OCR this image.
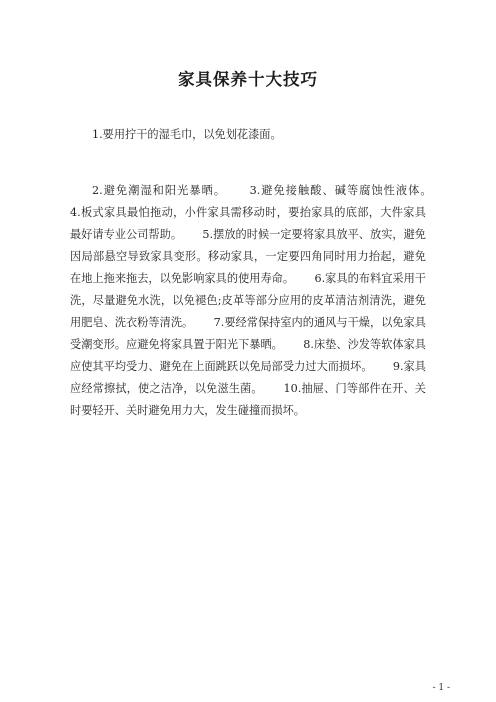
家具保养十大技巧

1.要用拧干的湿毛巾，以免划花漆面。

2.避免潮湿和阳光暴晒。　　 3.避免接触酸、碱等腐蚀性液体。　　 4.板式家具最怕拖动，小件家具需移动时，要抬家具的底部，大件家具最好请专业公司帮助。　　 5.摆放的时候一定要将家具放平、放实，避免因局部悬空导致家具变形。移动家具，一定要四角同时用力抬起，避免在地上拖来拖去，以免影响家具的使用寿命。　　 6.家具的布料宜采用干洗，尽量避免水洗，以免褪色;皮革等部分应用的皮革清洁剂清洗，避免用肥皂、洗衣粉等清洗。　　 7.要经常保持室内的通风与干燥，以免家具受潮变形。应避免将家具置于阳光下暴晒。　　 8.床垫、沙发等软体家具应使其平均受力、避免在上面跳跃以免局部受力过大而损坏。　　 9.家具应经常擦拭，使之洁净，以免滋生菌。　　 10.抽屉、门等部件在开、关时要轻开、关时避免用力大，发生碰撞而损坏。

- 1 -
